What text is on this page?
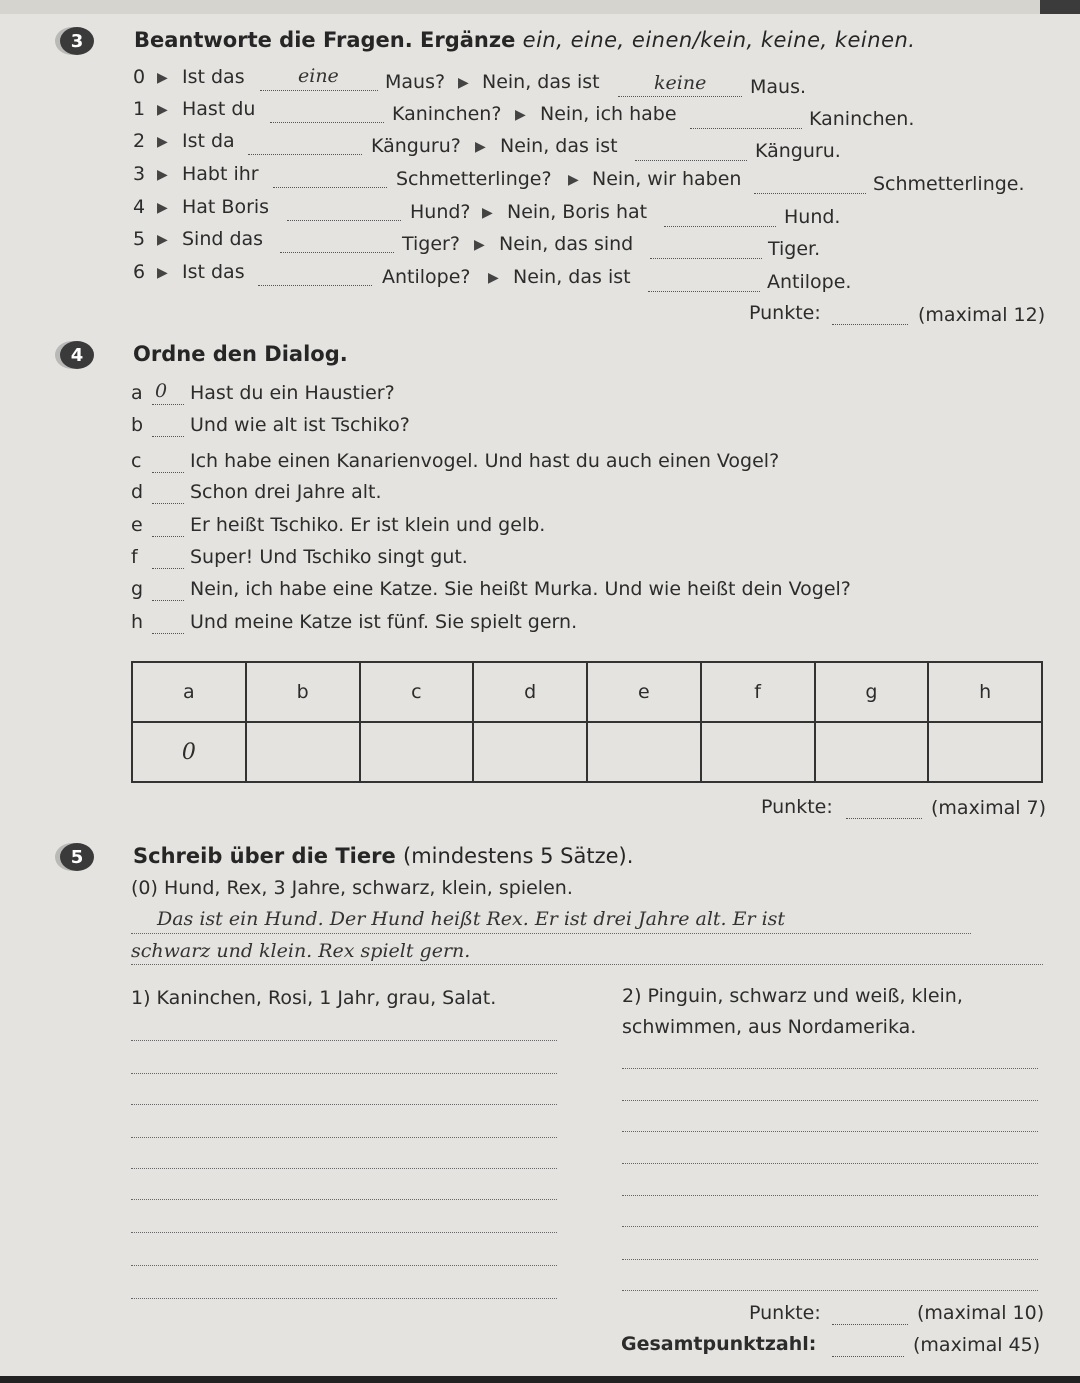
3	Beantworte die Fragen. Ergänze ein, eine, einen/kein, keine, keinen.
0 ▶ Ist das	eine Maus? ▶ Nein, das ist	keine Maus.
1 ▶ Hast du	Kaninchen? ▶ Nein, ich habe	Kaninchen.
2 ▶ Ist da	Känguru? ▶ Nein, das ist	Känguru.
3 ▶ Habt ihr	Schmetterlinge? ▶ Nein, wir haben	Schmetterlinge.
4 ▶ Hat Boris	Hund? ▶ Nein, Boris hat	Hund.
5 ▶ Sind das	Tiger? ▶ Nein, das sind	Tiger.
6 ▶ Ist das	Antilope? ▶ Nein, das ist	Antilope.
Punkte:	(maximal 12)
4	Ordne den Dialog.
a 0 Hast du ein Haustier?
b Und wie alt ist Tschiko?
c	Ich habe einen Kanarienvogel. Und hast du auch einen Vogel?
d Schon drei Jahre alt.
e Er heißt Tschiko. Er ist klein und gelb.
f	Super! Und Tschiko singt gut.
g Nein, ich habe eine Katze. Sie heißt Murka. Und wie heißt dein Vogel?
h Und meine Katze ist fünf. Sie spielt gern.
a	b	c	d	e	f	g	h
0							
Punkte:	(maximal 7)
5	Schreib über die Tiere (mindestens 5 Sätze).
(0) Hund, Rex, 3 Jahre, schwarz, klein, spielen.
Das ist ein Hund. Der Hund heißt Rex. Er ist drei Jahre alt. Er ist
schwarz und klein. Rex spielt gern.
1) Kaninchen, Rosi, 1 Jahr, grau, Salat.	2) Pinguin, schwarz und weiß, klein,
schwimmen, aus Nordamerika.
Punkte:	(maximal 10)
Gesamtpunktzahl:	(maximal 45)
